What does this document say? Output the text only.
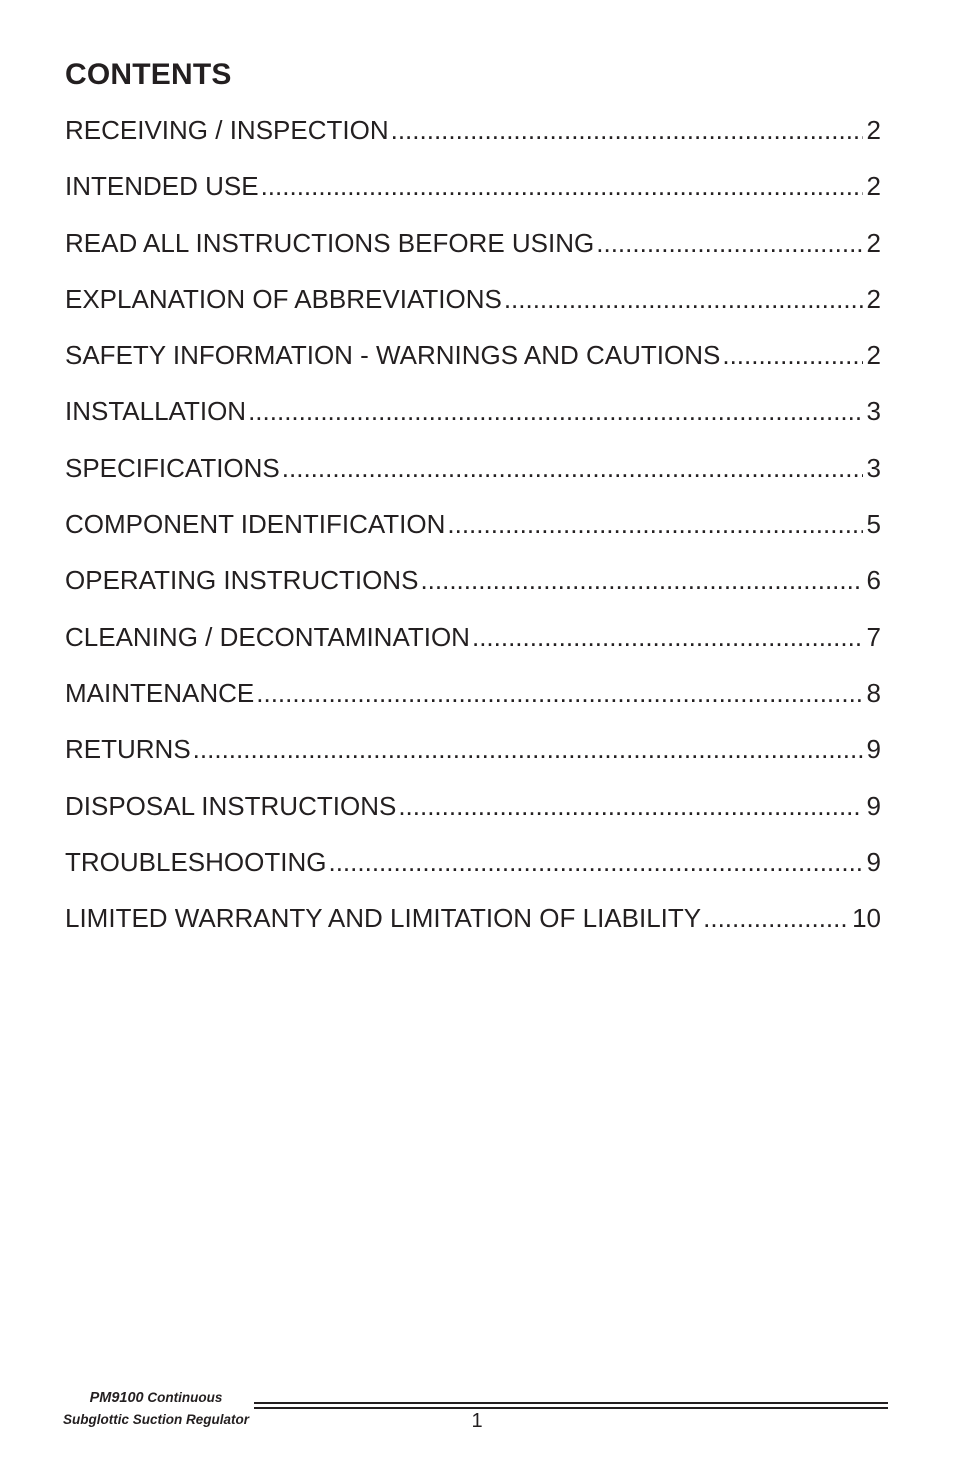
CONTENTS
RECEIVING / INSPECTION .....	2
INTENDED USE .....	2
READ ALL INSTRUCTIONS BEFORE USING .....	2
EXPLANATION OF ABBREVIATIONS .....	2
SAFETY INFORMATION - WARNINGS AND CAUTIONS .....	2
INSTALLATION .....	3
SPECIFICATIONS .....	3
COMPONENT IDENTIFICATION .....	5
OPERATING INSTRUCTIONS .....	6
CLEANING / DECONTAMINATION .....	7
MAINTENANCE .....	8
RETURNS .....	9
DISPOSAL INSTRUCTIONS .....	9
TROUBLESHOOTING .....	9
LIMITED WARRANTY AND LIMITATION OF LIABILITY .....	10
PM9100 Continuous
Subglottic Suction Regulator	1
